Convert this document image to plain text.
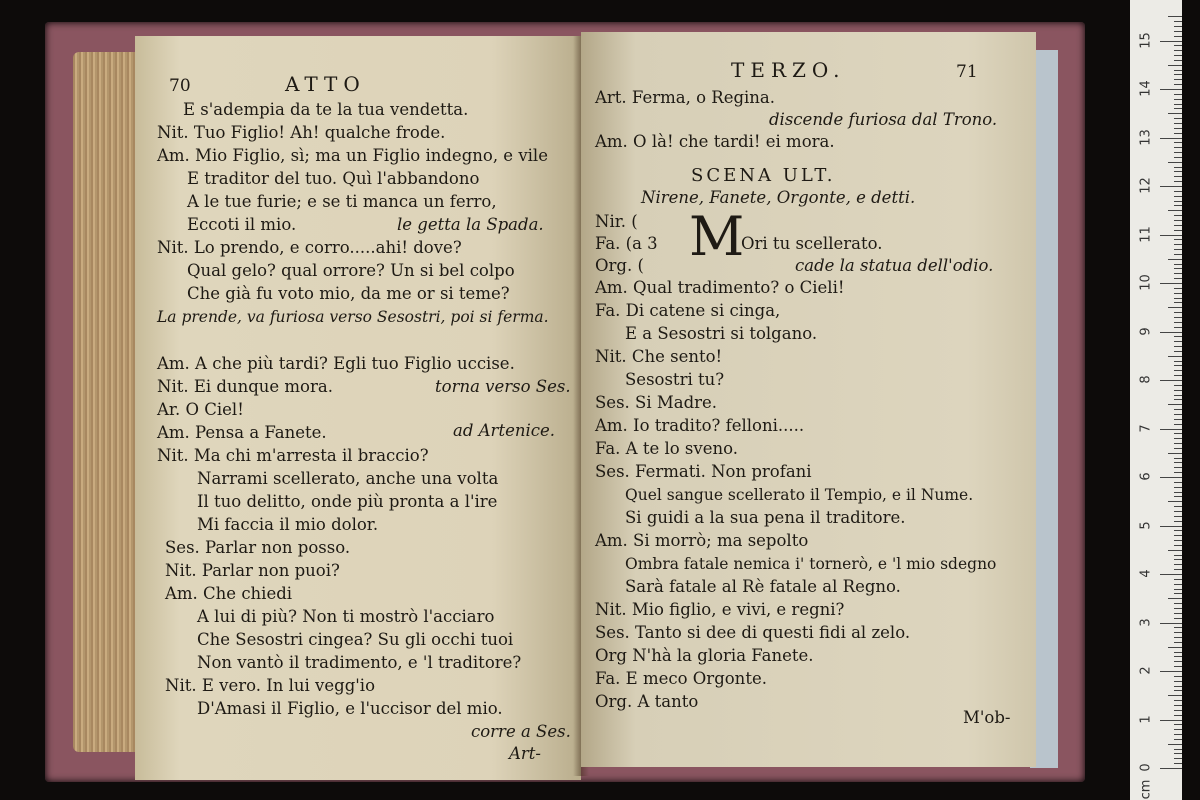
70	ATTO
E s'adempia da te la tua vendetta.
Nit. Tuo Figlio! Ah! qualche frode.
Am. Mio Figlio, sì; ma un Figlio indegno, e vile
E traditor del tuo. Quì l'abbandono
A le tue furie; e se ti manca un ferro,
Eccoti il mio.	le getta la Spada.
Nit. Lo prendo, e corro.....ahi! dove?
Qual gelo? qual orrore? Un si bel colpo
Che già fu voto mio, da me or si teme?
La prende, va furiosa verso Sesostri, poi si ferma.
Am. A che più tardi? Egli tuo Figlio uccise.
Nit. Ei dunque mora.	torna verso Ses.
Ar. O Ciel!
Am. Pensa a Fanete.	ad Artenice.
Nit. Ma chi m'arresta il braccio?
Narrami scellerato, anche una volta
Il tuo delitto, onde più pronta a l'ire
Mi faccia il mio dolor.
Ses. Parlar non posso.
Nit. Parlar non puoi?
Am. Che chiedi
A lui di più? Non ti mostrò l'acciaro
Che Sesostri cingea? Su gli occhi tuoi
Non vantò il tradimento, e 'l traditore?
Nit. E vero. In lui vegg'io
D'Amasi il Figlio, e l'uccisor del mio.
corre a Ses.
Art-
TERZO.	71
Art. Ferma, o Regina.
discende furiosa dal Trono.
Am. O là! che tardi! ei mora.
SCENA ULT.
Nirene, Fanete, Orgonte, e detti.
Nir. (
Fa. (a 3
Org. ( M
Ori tu scellerato.
cade la statua dell'odio.
Am. Qual tradimento? o Cieli!
Fa. Di catene si cinga,
E a Sesostri si tolgano.
Nit. Che sento!
Sesostri tu?
Ses. Si Madre.
Am. Io tradito? felloni.....
Fa. A te lo sveno.
Ses. Fermati. Non profani
Quel sangue scellerato il Tempio, e il Nume.
Si guidi a la sua pena il traditore.
Am. Si morrò; ma sepolto
Ombra fatale nemica i' tornerò, e 'l mio sdegno
Sarà fatale al Rè fatale al Regno.
Nit. Mio figlio, e vivi, e regni?
Ses. Tanto si dee di questi fidi al zelo.
Org N'hà la gloria Fanete.
Fa. E meco Orgonte.
Org. A tanto
M'ob-
0
1
2
3
4
5
6
7
8
9
10
11
12
13
14
15
cm
